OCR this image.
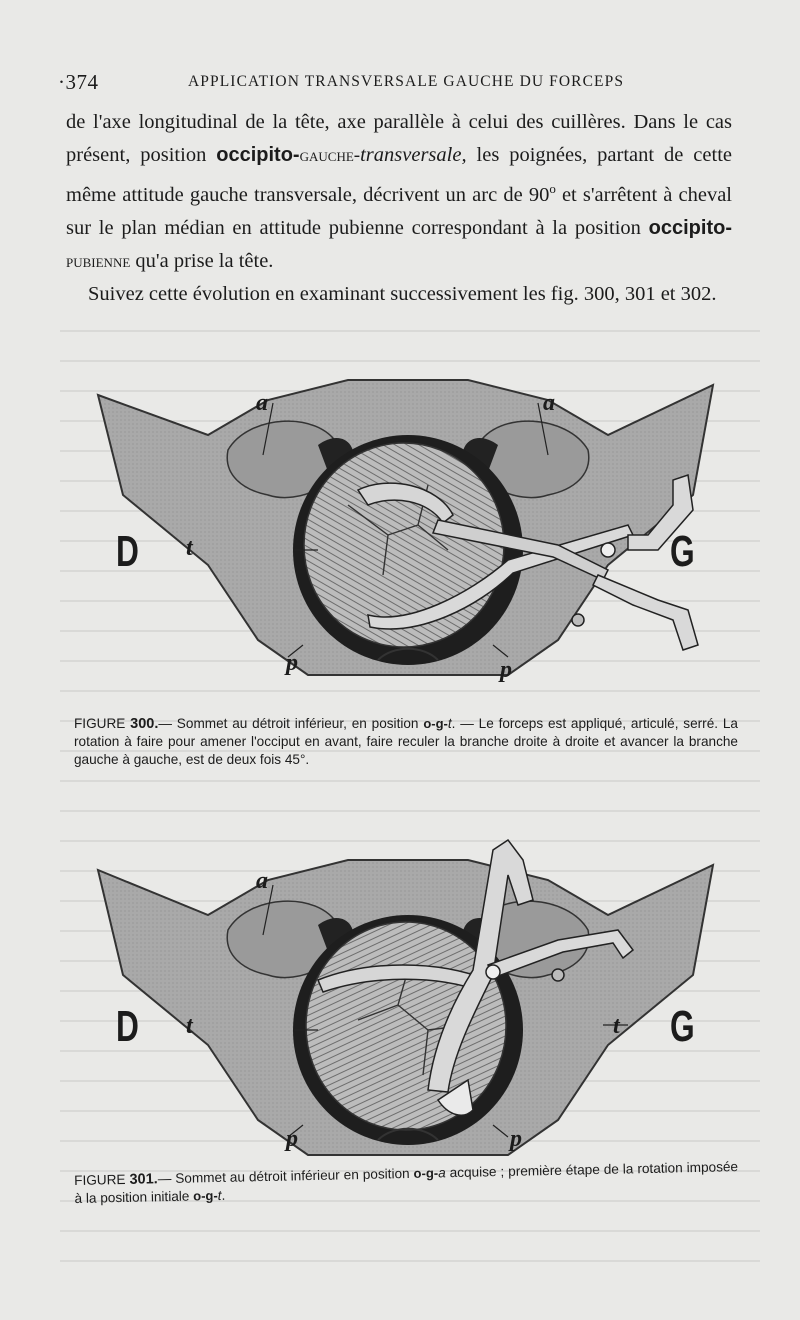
·374	APPLICATION TRANSVERSALE GAUCHE DU FORCEPS

de l'axe longitudinal de la tête, axe parallèle à celui des cuillères. Dans le cas présent, position occipito-gauche-transversale, les poignées, partant de cette même attitude gauche transversale, décrivent un arc de 90$^o$ et s'arrêtent à cheval sur le plan médian en attitude pubienne correspondant à la position occipito-pubienne qu'a prise la tête.

Suivez cette évolution en examinant successivement les fig. 300, 301 et 302.

a	a
t
p	p
D	G
FIGURE 300.— Sommet au détroit inférieur, en position o-g-t. — Le forceps est appliqué, articulé, serré. La rotation à faire pour amener l'occiput en avant, faire reculer la branche droite à droite et avancer la branche gauche à gauche, est de deux fois 45°.
a
t	t
p	p
D	G
FIGURE 301.— Sommet au détroit inférieur en position o-g-a acquise ; première étape de la rotation imposée à la position initiale o-g-t.
